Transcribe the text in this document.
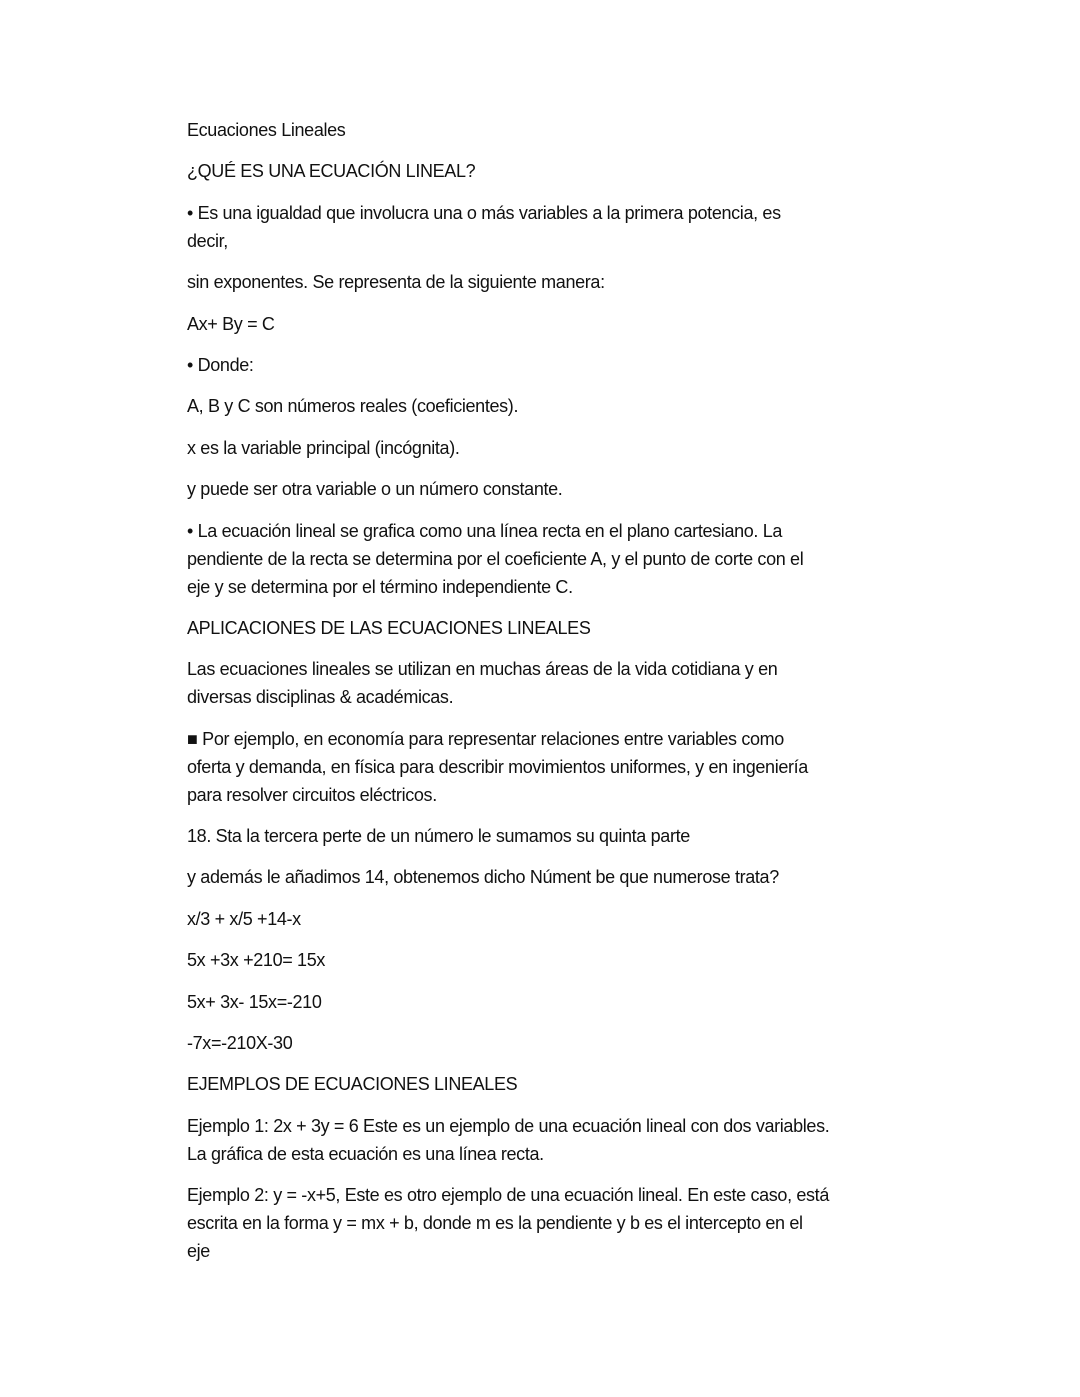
Ecuaciones Lineales
¿QUÉ ES UNA ECUACIÓN LINEAL?
• Es una igualdad que involucra una o más variables a la primera potencia, es
decir,
sin exponentes. Se representa de la siguiente manera:
Ax+ By = C
• Donde:
A, B y C son números reales (coeficientes).
x es la variable principal (incógnita).
y puede ser otra variable o un número constante.
• La ecuación lineal se grafica como una línea recta en el plano cartesiano. La
pendiente de la recta se determina por el coeficiente A, y el punto de corte con el
eje y se determina por el término independiente C.
APLICACIONES DE LAS ECUACIONES LINEALES
Las ecuaciones lineales se utilizan en muchas áreas de la vida cotidiana y en
diversas disciplinas & académicas.
■ Por ejemplo, en economía para representar relaciones entre variables como
oferta y demanda, en física para describir movimientos uniformes, y en ingeniería
para resolver circuitos eléctricos.
18. Sta la tercera perte de un número le sumamos su quinta parte
y además le añadimos 14, obtenemos dicho Núment be que numerose trata?
x/3 + x/5 +14-x
5x +3x +210= 15x
5x+ 3x- 15x=-210
-7x=-210X-30
EJEMPLOS DE ECUACIONES LINEALES
Ejemplo 1: 2x + 3y = 6 Este es un ejemplo de una ecuación lineal con dos variables.
La gráfica de esta ecuación es una línea recta.
Ejemplo 2: y = -x+5, Este es otro ejemplo de una ecuación lineal. En este caso, está
escrita en la forma y = mx + b, donde m es la pendiente y b es el intercepto en el
eje
